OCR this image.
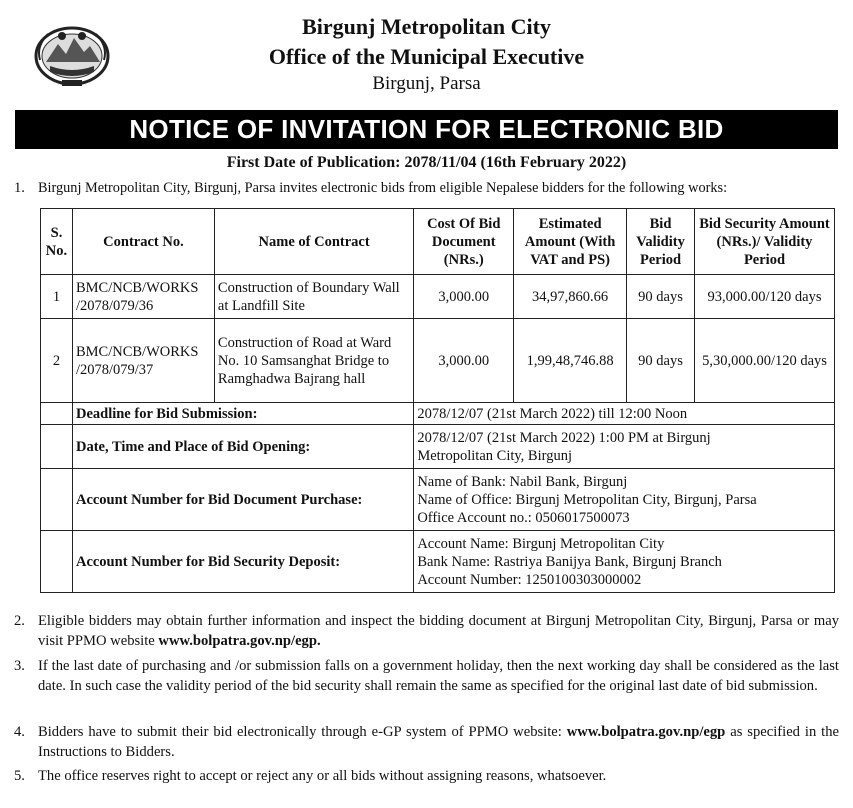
Birgunj Metropolitan City
Office of the Municipal Executive
Birgunj, Parsa
NOTICE OF INVITATION FOR ELECTRONIC BID
First Date of Publication: 2078/11/04 (16th February 2022)
1. Birgunj Metropolitan City, Birgunj, Parsa invites electronic bids from eligible Nepalese bidders for the following works:
S. No.	Contract No.	Name of Contract	Cost Of Bid Document (NRs.)	Estimated Amount (With VAT and PS)	Bid Validity Period	Bid Security Amount (NRs.)/ Validity Period
1	BMC/NCB/WORKS /2078/079/36	Construction of Boundary Wall at Landfill Site	3,000.00	34,97,860.66	90 days	93,000.00/120 days
2	BMC/NCB/WORKS /2078/079/37	Construction of Road at Ward No. 10 Samsanghat Bridge to Ramghadwa Bajrang hall	3,000.00	1,99,48,746.88	90 days	5,30,000.00/120 days
	Deadline for Bid Submission:		2078/12/07 (21st March 2022) till 12:00 Noon			
	Date, Time and Place of Bid Opening:		2078/12/07 (21st March 2022) 1:00 PM at Birgunj
Metropolitan City, Birgunj			

	Account Number for Bid Document Purchase:		Name of Bank: Nabil Bank, Birgunj
Name of Office: Birgunj Metropolitan City, Birgunj, Parsa
Office Account no.: 0506017500073			

	Account Number for Bid Security Deposit:		Account Name: Birgunj Metropolitan City
Bank Name: Rastriya Banijya Bank, Birgunj Branch
Account Number: 1250100303000002			
2. Eligible bidders may obtain further information and inspect the bidding document at Birgunj Metropolitan City, Birgunj, Parsa or may visit PPMO website www.bolpatra.gov.np/egp.
3. If the last date of purchasing and /or submission falls on a government holiday, then the next working day shall be considered as the last date. In such case the validity period of the bid security shall remain the same as specified for the original last date of bid submission.
4. Bidders have to submit their bid electronically through e-GP system of PPMO website: www.bolpatra.gov.np/egp as specified in the Instructions to Bidders.
5. The office reserves right to accept or reject any or all bids without assigning reasons, whatsoever.
